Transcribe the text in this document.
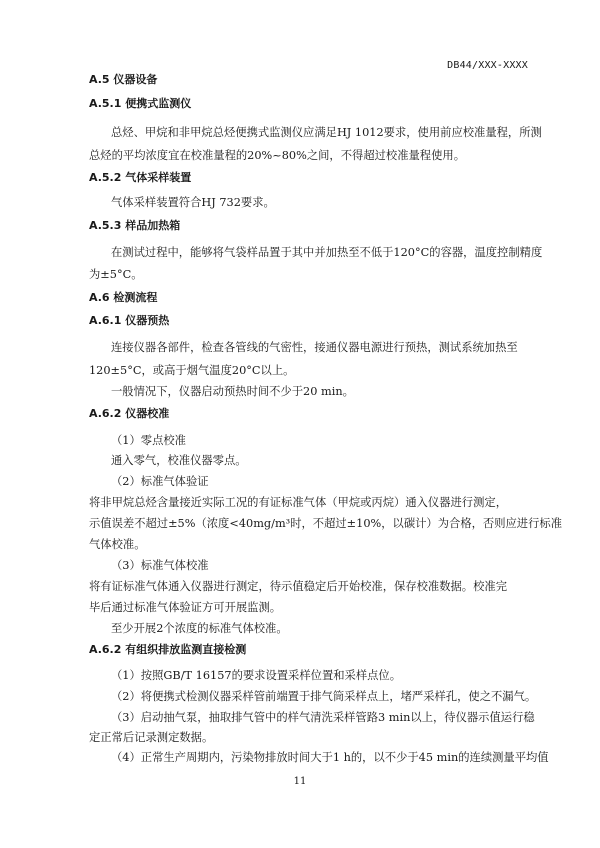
DB44/XXX-XXXX
A.5 仪器设备
A.5.1 便携式监测仪
总烃、甲烷和非甲烷总烃便携式监测仪应满足HJ 1012要求，使用前应校准量程，所测
总烃的平均浓度宜在校准量程的20%~80%之间，不得超过校准量程使用。
A.5.2 气体采样装置
气体采样装置符合HJ 732要求。
A.5.3 样品加热箱
在测试过程中，能够将气袋样品置于其中并加热至不低于120°C的容器，温度控制精度
为±5°C。
A.6 检测流程
A.6.1 仪器预热
连接仪器各部件，检查各管线的气密性，接通仪器电源进行预热，测试系统加热至
120±5°C，或高于烟气温度20°C以上。
一般情况下，仪器启动预热时间不少于20 min。
A.6.2 仪器校准
（1）零点校准
通入零气，校准仪器零点。
（2）标准气体验证
将非甲烷总烃含量接近实际工况的有证标准气体（甲烷或丙烷）通入仪器进行测定，
示值误差不超过±5%（浓度<40mg/m³时，不超过±10%，以碳计）为合格，否则应进行标准
气体校准。
（3）标准气体校准
将有证标准气体通入仪器进行测定，待示值稳定后开始校准，保存校准数据。校准完
毕后通过标准气体验证方可开展监测。
至少开展2个浓度的标准气体校准。
A.6.2 有组织排放监测直接检测
（1）按照GB/T 16157的要求设置采样位置和采样点位。
（2）将便携式检测仪器采样管前端置于排气筒采样点上，堵严采样孔，使之不漏气。
（3）启动抽气泵，抽取排气管中的样气清洗采样管路3 min以上，待仪器示值运行稳
定正常后记录测定数据。
（4）正常生产周期内，污染物排放时间大于1 h的，以不少于45 min的连续测量平均值
11
